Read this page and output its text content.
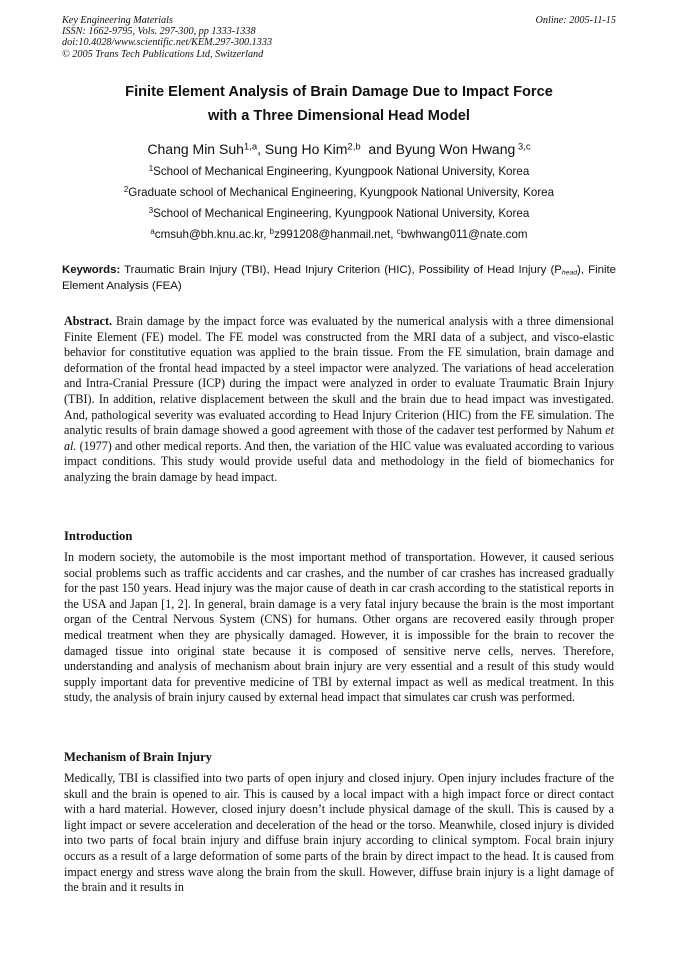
Key Engineering Materials
ISSN: 1662-9795, Vols. 297-300, pp 1333-1338
doi:10.4028/www.scientific.net/KEM.297-300.1333
© 2005 Trans Tech Publications Ltd, Switzerland
Online: 2005-11-15
Finite Element Analysis of Brain Damage Due to Impact Force
with a Three Dimensional Head Model
Chang Min Suh$^{1,a}$, Sung Ho Kim$^{2,b}$  and Byung Won Hwang $^{3,c}$
$^1$School of Mechanical Engineering, Kyungpook National University, Korea
$^2$Graduate school of Mechanical Engineering, Kyungpook National University, Korea
$^3$School of Mechanical Engineering, Kyungpook National University, Korea
$^a$cmsuh@bh.knu.ac.kr, $^b$z991208@hanmail.net, $^c$bwhwang011@nate.com
Keywords: Traumatic Brain Injury (TBI), Head Injury Criterion (HIC), Possibility of Head Injury $(P_{head})$, Finite Element Analysis (FEA)
Abstract. Brain damage by the impact force was evaluated by the numerical analysis with a three dimensional Finite Element (FE) model. The FE model was constructed from the MRI data of a subject, and visco-elastic behavior for constitutive equation was applied to the brain tissue. From the FE simulation, brain damage and deformation of the frontal head impacted by a steel impactor were analyzed. The variations of head acceleration and Intra-Cranial Pressure (ICP) during the impact were analyzed in order to evaluate Traumatic Brain Injury (TBI). In addition, relative displacement between the skull and the brain due to head impact was investigated. And, pathological severity was evaluated according to Head Injury Criterion (HIC) from the FE simulation. The analytic results of brain damage showed a good agreement with those of the cadaver test performed by Nahum et al. (1977) and other medical reports. And then, the variation of the HIC value was evaluated according to various impact conditions. This study would provide useful data and methodology in the field of biomechanics for analyzing the brain damage by head impact.
Introduction
In modern society, the automobile is the most important method of transportation. However, it caused serious social problems such as traffic accidents and car crashes, and the number of car crashes has increased gradually for the past 150 years. Head injury was the major cause of death in car crash according to the statistical reports in the USA and Japan [1, 2]. In general, brain damage is a very fatal injury because the brain is the most important organ of the Central Nervous System (CNS) for humans. Other organs are recovered easily through proper medical treatment when they are physically damaged. However, it is impossible for the brain to recover the damaged tissue into original state because it is composed of sensitive nerve cells, nerves. Therefore, understanding and analysis of mechanism about brain injury are very essential and a result of this study would supply important data for preventive medicine of TBI by external impact as well as medical treatment. In this study, the analysis of brain injury caused by external head impact that simulates car crush was performed.
Mechanism of Brain Injury
Medically, TBI is classified into two parts of open injury and closed injury. Open injury includes fracture of the skull and the brain is opened to air. This is caused by a local impact with a high impact force or direct contact with a hard material. However, closed injury doesn’t include physical damage of the skull. This is caused by a light impact or severe acceleration and deceleration of the head or the torso. Meanwhile, closed injury is divided into two parts of focal brain injury and diffuse brain injury according to clinical symptom. Focal brain injury occurs as a result of a large deformation of some parts of the brain by direct impact to the head. It is caused from impact energy and stress wave along the brain from the skull. However, diffuse brain injury is a light damage of the brain and it results in
